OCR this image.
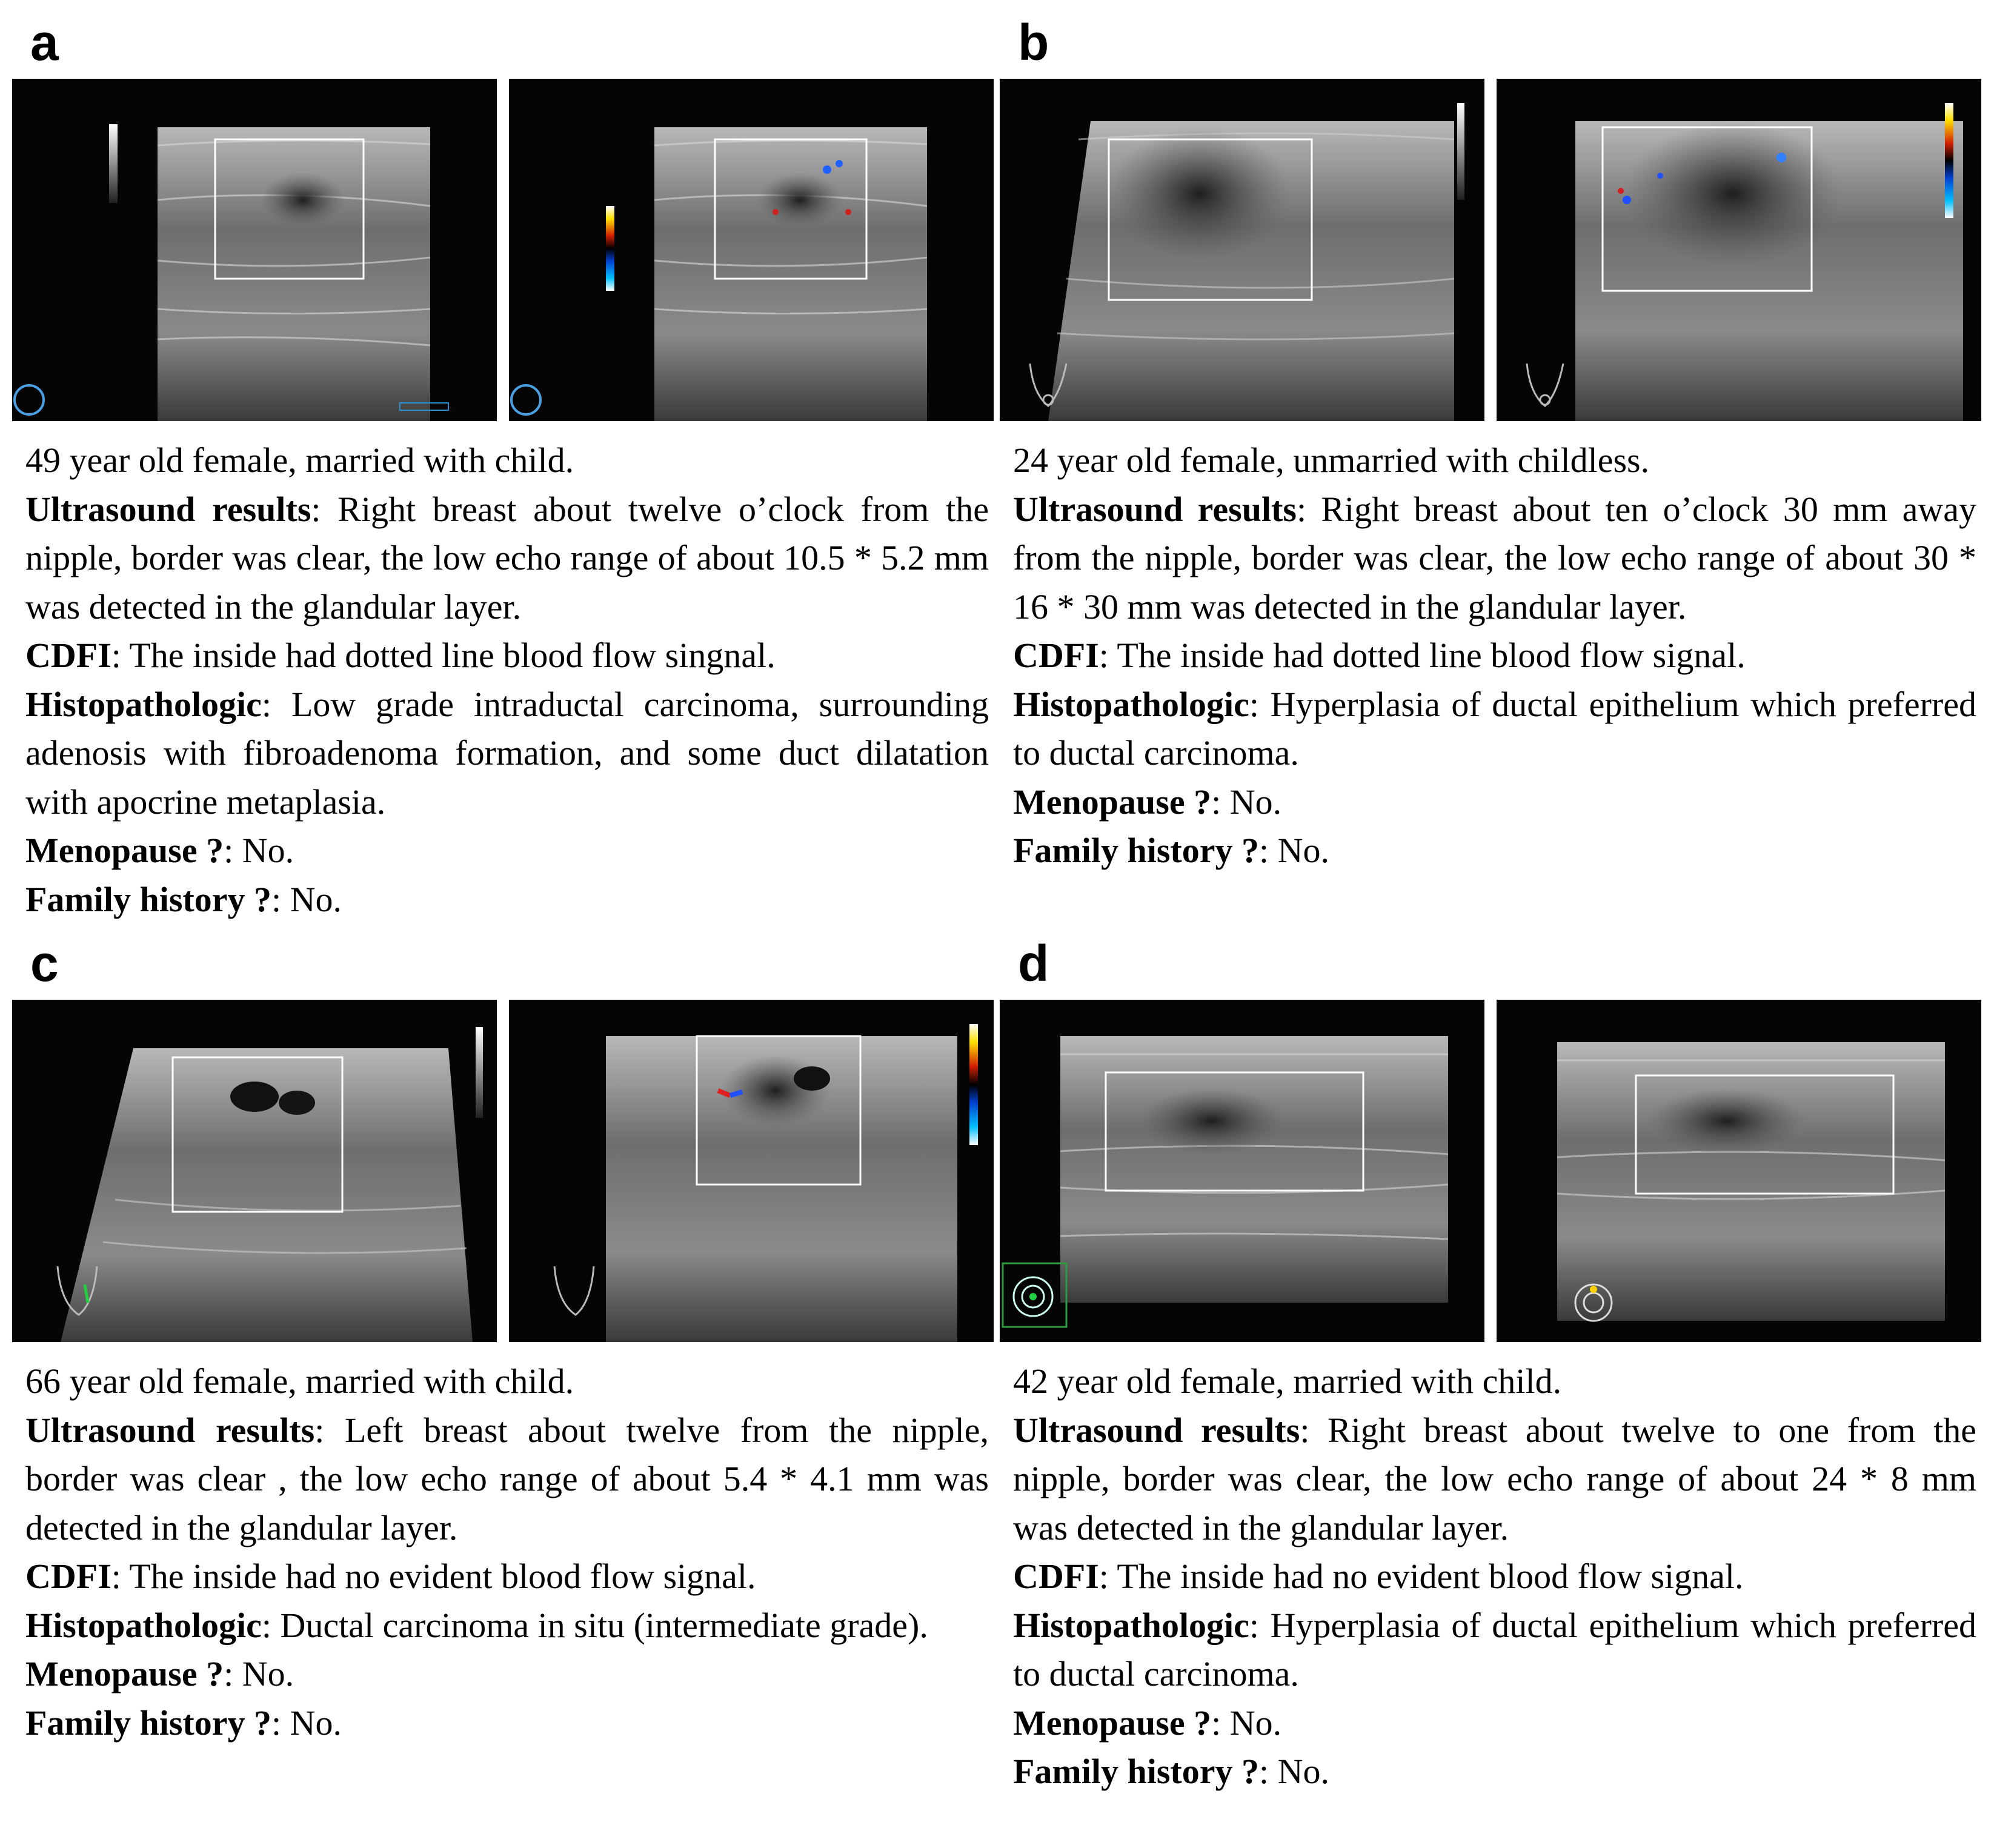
a

49 year old female, married with child.

Ultrasound results: Right breast about twelve o’clock from the nipple, border was clear, the low echo range of about 10.5 * 5.2 mm was detected in the glandular layer.

CDFI: The inside had dotted line blood flow singnal.

Histopathologic: Low grade intraductal carcinoma, surrounding adenosis with fibroadenoma formation, and some duct dilatation with apocrine metaplasia.

Menopause ?: No.

Family history ?: No.

b

24 year old female, unmarried with childless.

Ultrasound results: Right breast about ten o’clock 30 mm away from the nipple, border was clear, the low echo range of about 30 * 16 * 30 mm was detected in the glandular layer.

CDFI: The inside had dotted line blood flow signal.

Histopathologic: Hyperplasia of ductal epithelium which preferred to ductal carcinoma.

Menopause ?: No.

Family history ?: No.

c

66 year old female, married with child.

Ultrasound results: Left breast about twelve from the nipple, border was clear , the low echo range of about 5.4 * 4.1 mm was detected in the glandular layer.

CDFI: The inside had no evident blood flow signal.

Histopathologic: Ductal carcinoma in situ (intermediate grade).

Menopause ?: No.

Family history ?: No.

d

42 year old female, married with child.

Ultrasound results: Right breast about twelve to one from the nipple, border was clear, the low echo range of about 24 * 8 mm was detected in the glandular layer.

CDFI: The inside had no evident blood flow signal.

Histopathologic: Hyperplasia of ductal epithelium which preferred to ductal carcinoma.

Menopause ?: No.

Family history ?: No.
